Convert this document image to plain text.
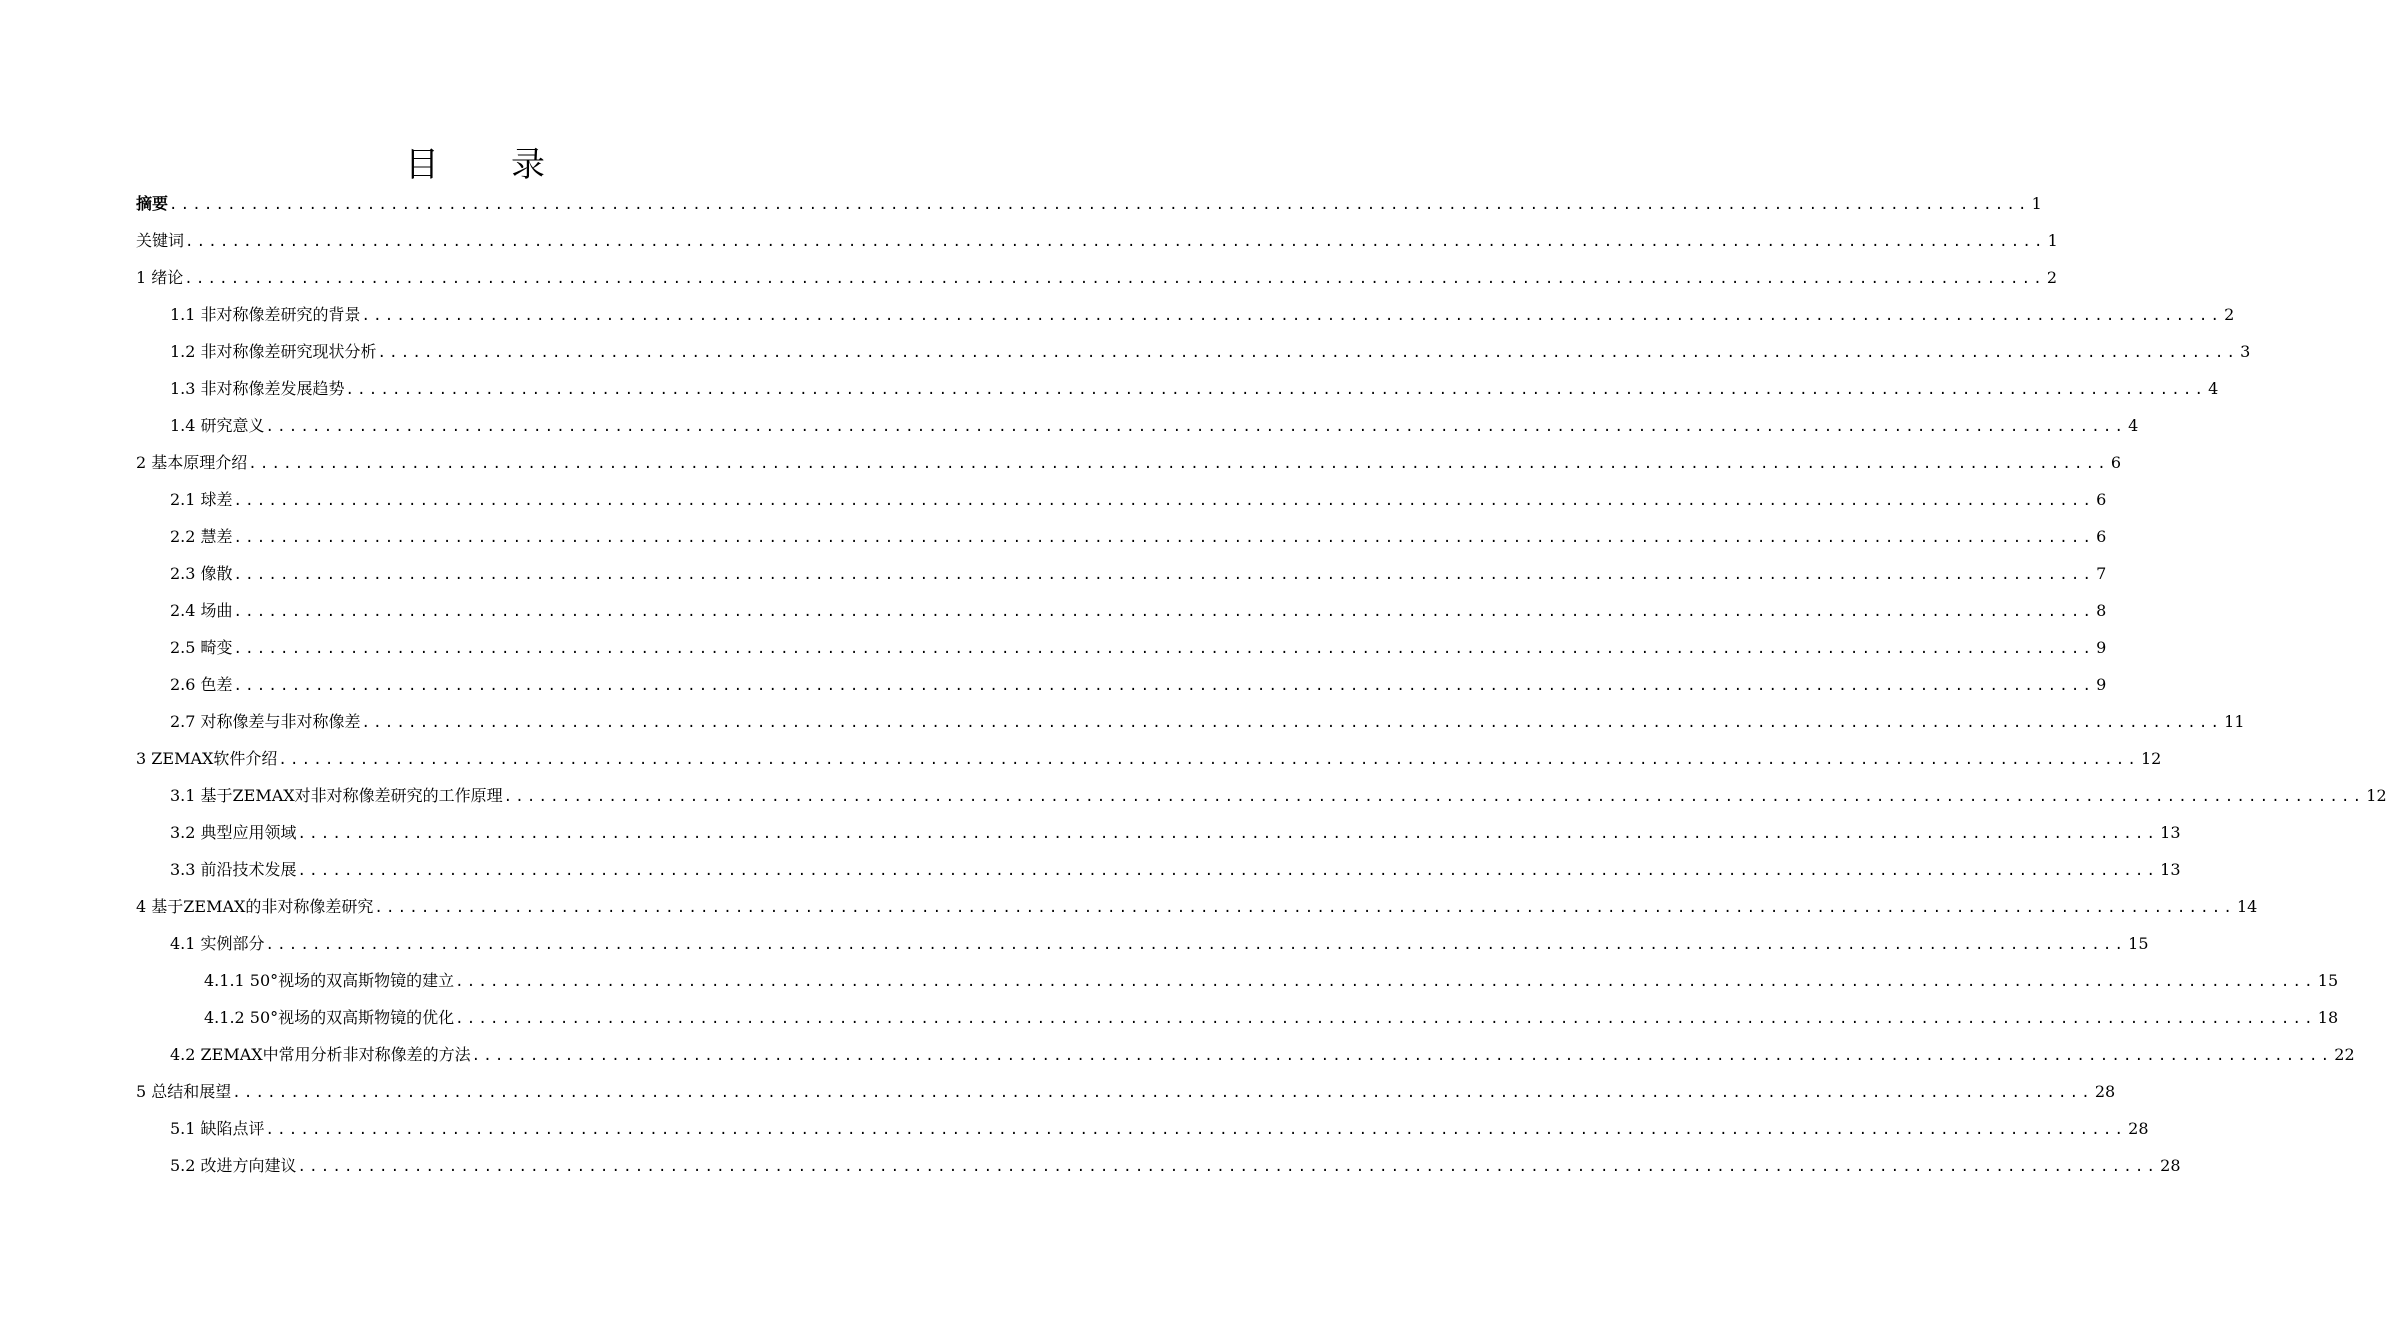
目 录
摘要 ................................................................................................................................................................ 1
关键词 ................................................................................................................................................................ 1
1 绪论 ................................................................................................................................................................ 2
1.1 非对称像差研究的背景 ................................................................................................................................................................ 2
1.2 非对称像差研究现状分析 ................................................................................................................................................................ 3
1.3 非对称像差发展趋势 ................................................................................................................................................................ 4
1.4 研究意义 ................................................................................................................................................................ 4
2 基本原理介绍 ................................................................................................................................................................ 6
2.1 球差 ................................................................................................................................................................ 6
2.2 慧差 ................................................................................................................................................................ 6
2.3 像散 ................................................................................................................................................................ 7
2.4 场曲 ................................................................................................................................................................ 8
2.5 畸变 ................................................................................................................................................................ 9
2.6 色差 ................................................................................................................................................................ 9
2.7 对称像差与非对称像差 ................................................................................................................................................................ 11
3 ZEMAX软件介绍 ................................................................................................................................................................ 12
3.1 基于ZEMAX对非对称像差研究的工作原理 ................................................................................................................................................................ 12
3.2 典型应用领域 ................................................................................................................................................................ 13
3.3 前沿技术发展 ................................................................................................................................................................ 13
4 基于ZEMAX的非对称像差研究 ................................................................................................................................................................ 14
4.1 实例部分 ................................................................................................................................................................ 15
4.1.1 50°视场的双高斯物镜的建立 ................................................................................................................................................................ 15
4.1.2 50°视场的双高斯物镜的优化 ................................................................................................................................................................ 18
4.2 ZEMAX中常用分析非对称像差的方法 ................................................................................................................................................................ 22
5 总结和展望 ................................................................................................................................................................ 28
5.1 缺陷点评 ................................................................................................................................................................ 28
5.2 改进方向建议 ................................................................................................................................................................ 28
